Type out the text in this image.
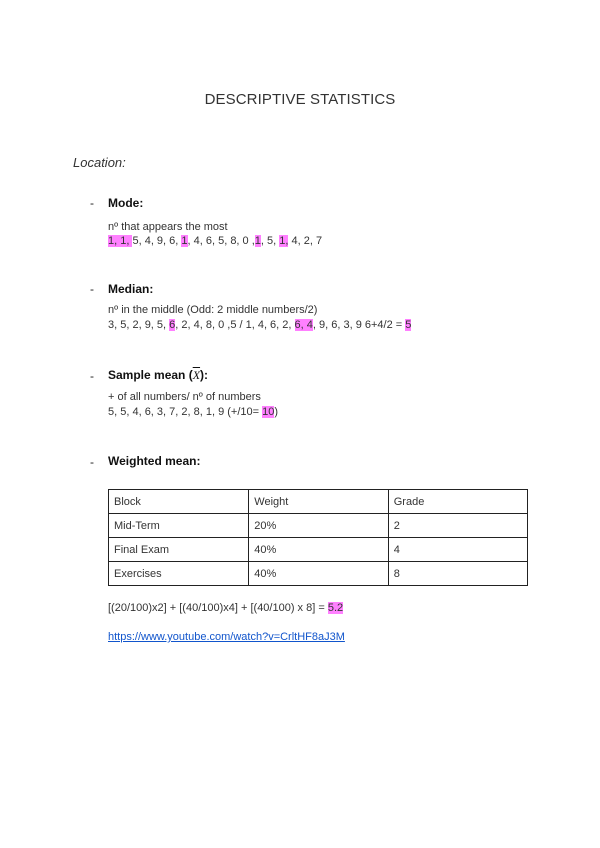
DESCRIPTIVE STATISTICS
Location:
- Mode:
nº that appears the most
1, 1, 5, 4, 9, 6, 1, 4, 6, 5, 8, 0 ,1, 5, 1, 4, 2, 7
- Median:
nº in the middle (Odd: 2 middle numbers/2)
3, 5, 2, 9, 5, 6, 2, 4, 8, 0 ,5 / 1, 4, 6, 2, 6, 4, 9, 6, 3, 9 6+4/2 = 5
- Sample mean $(\overline{X})$:
+ of all numbers/ nº of numbers
5, 5, 4, 6, 3, 7, 2, 8, 1, 9 (+/10= 10)
- Weighted mean:
Block	Weight	Grade
Mid-Term	20%	2
Final Exam	40%	4
Exercises	40%	8
[(20/100)x2] + [(40/100)x4] + [(40/100) x 8] = 5.2
https://www.youtube.com/watch?v=CrltHF8aJ3M
